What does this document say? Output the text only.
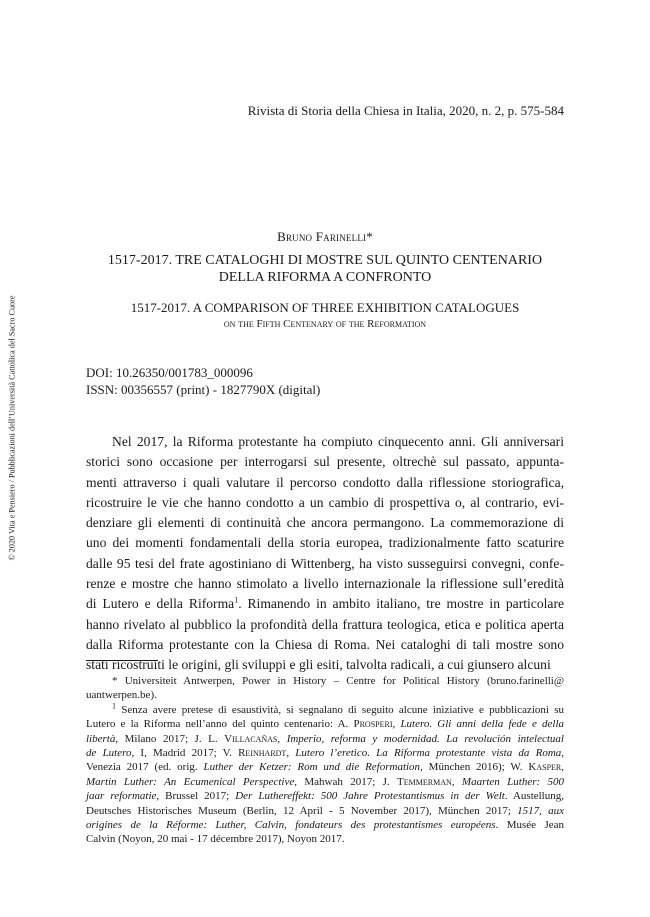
Rivista di Storia della Chiesa in Italia, 2020, n. 2, p. 575-584
Bruno Farinelli*
1517-2017. TRE CATALOGHI DI MOSTRE SUL QUINTO CENTENARIO
DELLA RIFORMA A CONFRONTO
1517-2017. A COMPARISON OF THREE EXHIBITION CATALOGUES
on the Fifth Centenary of the Reformation
DOI: 10.26350/001783_000096
ISSN: 00356557 (print) - 1827790X (digital)
Nel 2017, la Riforma protestante ha compiuto cinquecento anni. Gli anniversari
storici sono occasione per interrogarsi sul presente, oltrechè sul passato, appunta-
menti attraverso i quali valutare il percorso condotto dalla riflessione storiografica,
ricostruire le vie che hanno condotto a un cambio di prospettiva o, al contrario, evi-
denziare gli elementi di continuità che ancora permangono. La commemorazione di
uno dei momenti fondamentali della storia europea, tradizionalmente fatto scaturire
dalle 95 tesi del frate agostiniano di Wittenberg, ha visto susseguirsi convegni, confe-
renze e mostre che hanno stimolato a livello internazionale la riflessione sull’eredità
di Lutero e della Riforma$^1$. Rimanendo in ambito italiano, tre mostre in particolare
hanno rivelato al pubblico la profondità della frattura teologica, etica e politica aperta
dalla Riforma protestante con la Chiesa di Roma. Nei cataloghi di tali mostre sono
stati ricostruiti le origini, gli sviluppi e gli esiti, talvolta radicali, a cui giunsero alcuni
* Universiteit Antwerpen, Power in History – Centre for Political History (bruno.farinelli@
uantwerpen.be).
$^1$ Senza avere pretese di esaustività, si segnalano di seguito alcune iniziative e pubblicazioni su
Lutero e la Riforma nell’anno del quinto centenario: A. Prosperi, Lutero. Gli anni della fede e della
libertà, Milano 2017; J. L. Villacañas, Imperio, reforma y modernidad. La revolución intelectual
de Lutero, I, Madrid 2017; V. Reinhardt, Lutero l’eretico. La Riforma protestante vista da Roma,
Venezia 2017 (ed. orig. Luther der Ketzer: Rom und die Reformation, München 2016); W. Kasper,
Martin Luther: An Ecumenical Perspective, Mahwah 2017; J. Temmerman, Maarten Luther: 500
jaar reformatie, Brussel 2017; Der Luthereffekt: 500 Jahre Protestantismus in der Welt. Austellung,
Deutsches Historisches Museum (Berlin, 12 April - 5 November 2017), München 2017; 1517, aux
origines de la Réforme: Luther, Calvin, fondateurs des protestantismes européens. Musée Jean
Calvin (Noyon, 20 mai - 17 décembre 2017), Noyon 2017.
© 2020 Vita e Pensiero / Pubblicazioni dell’Università Cattolica del Sacro Cuore
